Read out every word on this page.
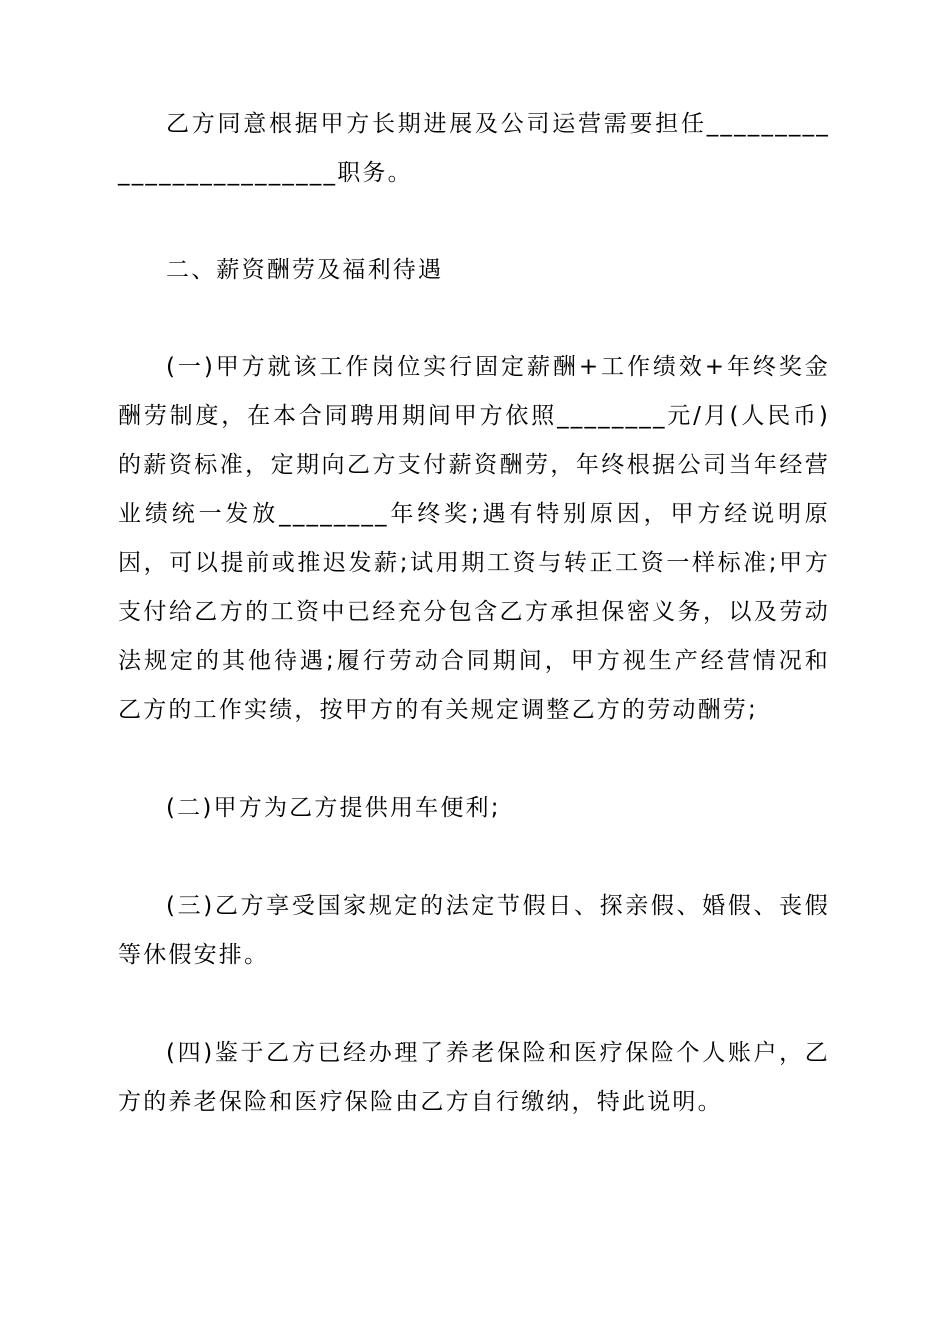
乙方同意根据甲方长期进展及公司运营需要担任_________________________职务。

二、薪资酬劳及福利待遇

(一)甲方就该工作岗位实行固定薪酬+工作绩效+年终奖金酬劳制度，在本合同聘用期间甲方依照________元/月(人民币)的薪资标准，定期向乙方支付薪资酬劳，年终根据公司当年经营业绩统一发放________年终奖;遇有特别原因，甲方经说明原因，可以提前或推迟发薪;试用期工资与转正工资一样标准;甲方支付给乙方的工资中已经充分包含乙方承担保密义务，以及劳动法规定的其他待遇;履行劳动合同期间，甲方视生产经营情况和乙方的工作实绩，按甲方的有关规定调整乙方的劳动酬劳;

(二)甲方为乙方提供用车便利;

(三)乙方享受国家规定的法定节假日、探亲假、婚假、丧假等休假安排。

(四)鉴于乙方已经办理了养老保险和医疗保险个人账户，乙方的养老保险和医疗保险由乙方自行缴纳，特此说明。
